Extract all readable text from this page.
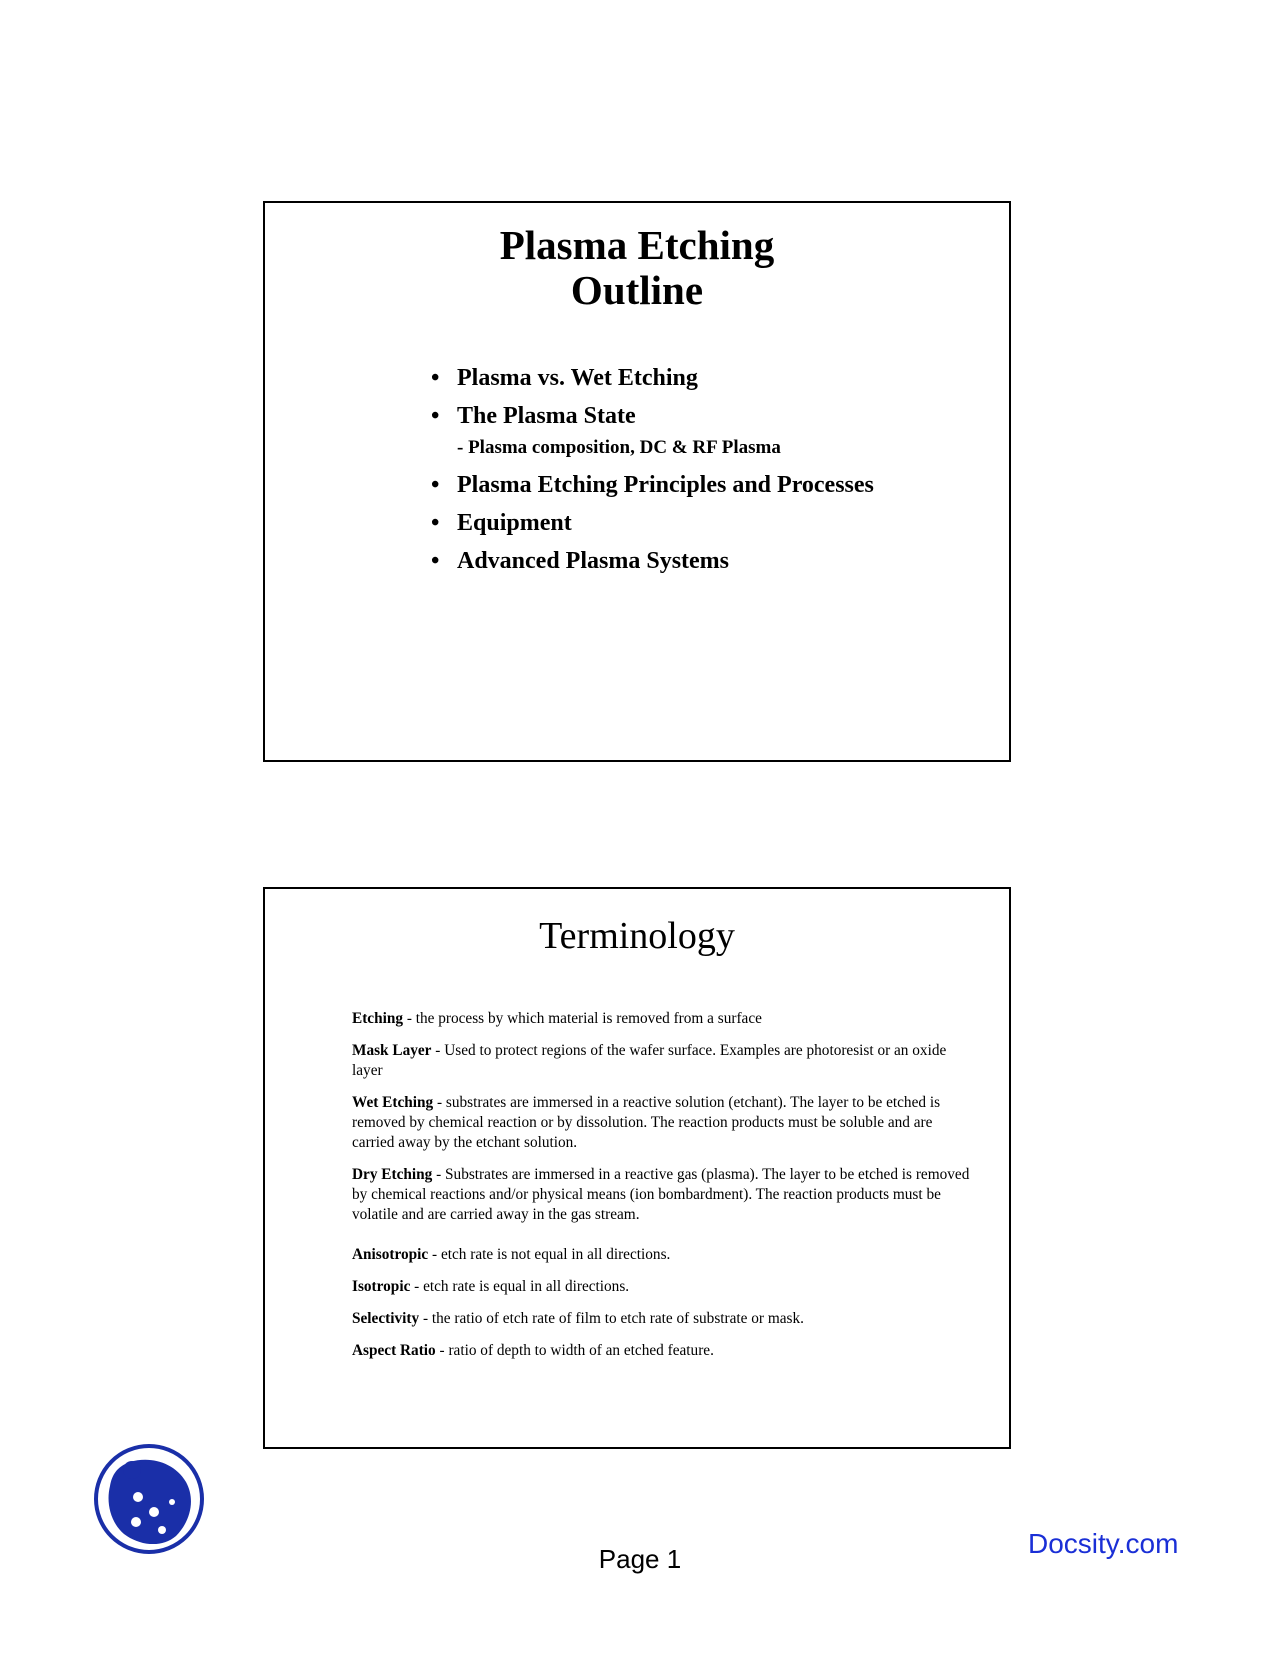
Plasma Etching
Outline
• Plasma vs. Wet Etching
• The Plasma State
- Plasma composition, DC & RF Plasma
• Plasma Etching Principles and Processes
• Equipment
• Advanced Plasma Systems
Terminology

Etching - the process by which material is removed from a surface

Mask Layer - Used to protect regions of the wafer surface. Examples are photoresist or an oxide layer

Wet Etching - substrates are immersed in a reactive solution (etchant). The layer to be etched is removed by chemical reaction or by dissolution. The reaction products must be soluble and are carried away by the etchant solution.

Dry Etching - Substrates are immersed in a reactive gas (plasma). The layer to be etched is removed by chemical reactions and/or physical means (ion bombardment). The reaction products must be volatile and are carried away in the gas stream.

Anisotropic - etch rate is not equal in all directions.

Isotropic - etch rate is equal in all directions.

Selectivity - the ratio of etch rate of film to etch rate of substrate or mask.

Aspect Ratio - ratio of depth to width of an etched feature.

Page 1	Docsity.com
